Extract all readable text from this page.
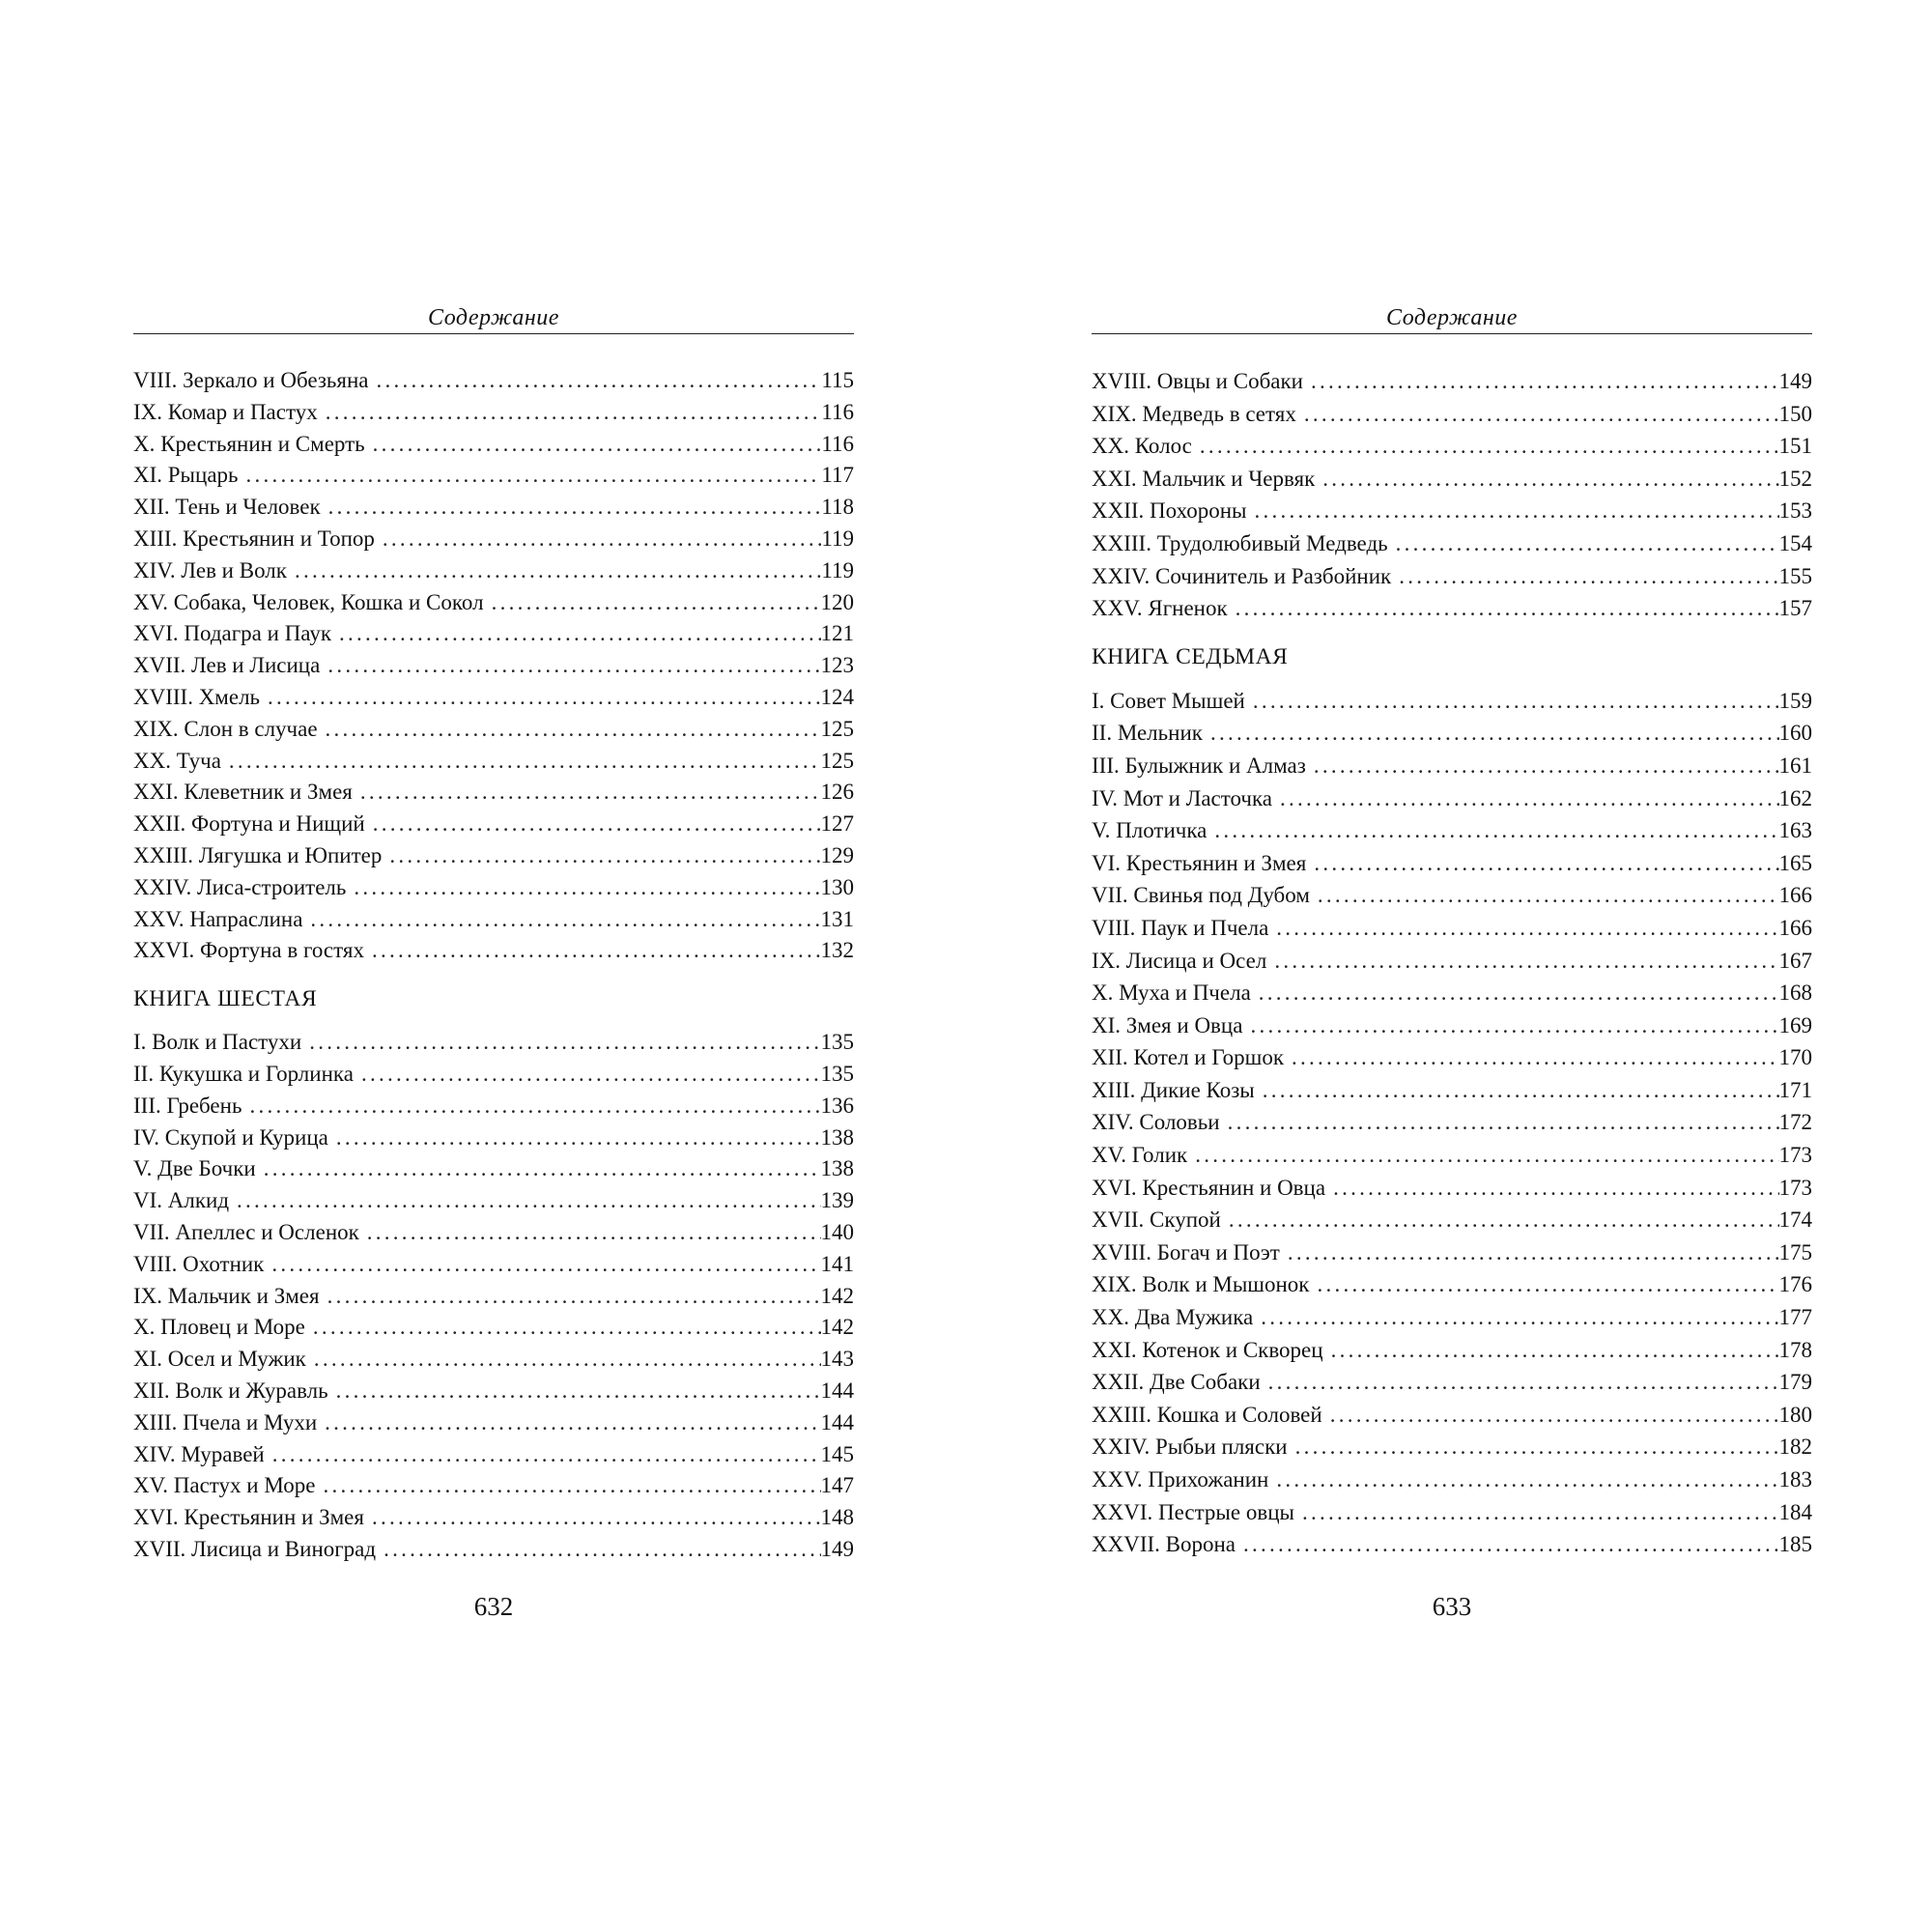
Содержание
VIII. Зеркало и Обезьяна . . .	115
IX. Комар и Пастух . . .	116
X. Крестьянин и Смерть . . .	116
XI. Рыцарь . . .	117
XII. Тень и Человек . . .	118
XIII. Крестьянин и Топор . . .	119
XIV. Лев и Волк . . .	119
XV. Собака, Человек, Кошка и Сокол . . .	120
XVI. Подагра и Паук . . .	121
XVII. Лев и Лисица . . .	123
XVIII. Хмель . . .	124
XIX. Слон в случае . . .	125
XX. Туча . . .	125
XXI. Клеветник и Змея . . .	126
XXII. Фортуна и Нищий . . .	127
XXIII. Лягушка и Юпитер . . .	129
XXIV. Лиса-строитель . . .	130
XXV. Напраслина . . .	131
XXVI. Фортуна в гостях . . .	132
КНИГА ШЕСТАЯ
I. Волк и Пастухи . . .	135
II. Кукушка и Горлинка . . .	135
III. Гребень . . .	136
IV. Скупой и Курица . . .	138
V. Две Бочки . . .	138
VI. Алкид . . .	139
VII. Апеллес и Осленок . . .	140
VIII. Охотник . . .	141
IX. Мальчик и Змея . . .	142
X. Пловец и Море . . .	142
XI. Осел и Мужик . . .	143
XII. Волк и Журавль . . .	144
XIII. Пчела и Мухи . . .	144
XIV. Муравей . . .	145
XV. Пастух и Море . . .	147
XVI. Крестьянин и Змея . . .	148
XVII. Лисица и Виноград . . .	149
632
Содержание
XVIII. Овцы и Собаки . . .	149
XIX. Медведь в сетях . . .	150
XX. Колос . . .	151
XXI. Мальчик и Червяк . . .	152
XXII. Похороны . . .	153
XXIII. Трудолюбивый Медведь . . .	154
XXIV. Сочинитель и Разбойник . . .	155
XXV. Ягненок . . .	157
КНИГА СЕДЬМАЯ
I. Совет Мышей . . .	159
II. Мельник . . .	160
III. Булыжник и Алмаз . . .	161
IV. Мот и Ласточка . . .	162
V. Плотичка . . .	163
VI. Крестьянин и Змея . . .	165
VII. Свинья под Дубом . . .	166
VIII. Паук и Пчела . . .	166
IX. Лисица и Осел . . .	167
X. Муха и Пчела . . .	168
XI. Змея и Овца . . .	169
XII. Котел и Горшок . . .	170
XIII. Дикие Козы . . .	171
XIV. Соловьи . . .	172
XV. Голик . . .	173
XVI. Крестьянин и Овца . . .	173
XVII. Скупой . . .	174
XVIII. Богач и Поэт . . .	175
XIX. Волк и Мышонок . . .	176
XX. Два Мужика . . .	177
XXI. Котенок и Скворец . . .	178
XXII. Две Собаки . . .	179
XXIII. Кошка и Соловей . . .	180
XXIV. Рыбьи пляски . . .	182
XXV. Прихожанин . . .	183
XXVI. Пестрые овцы . . .	184
XXVII. Ворона . . .	185
633
